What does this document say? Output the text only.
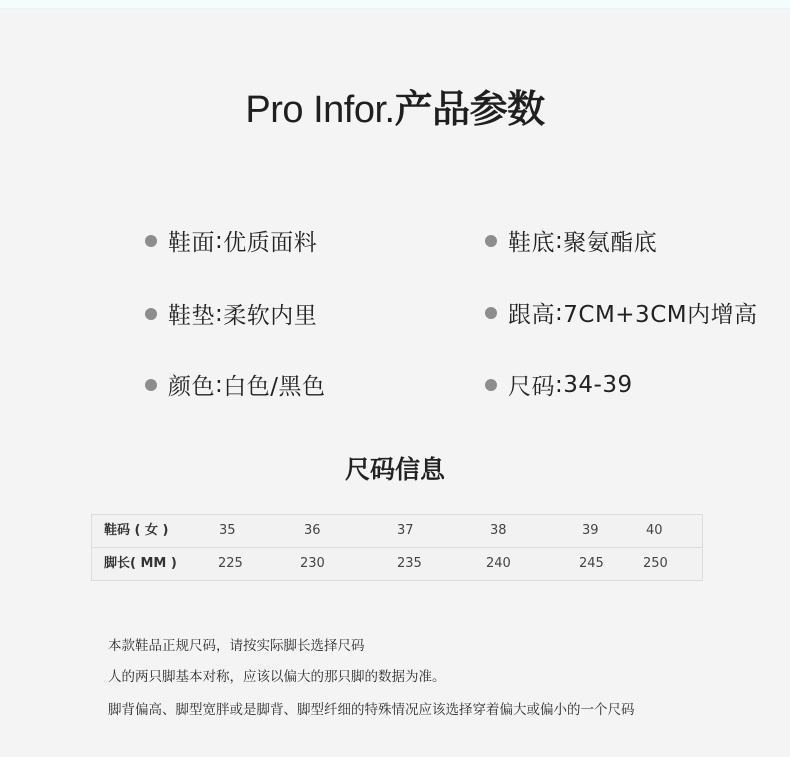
Pro Infor.产品参数
鞋面 : 优质面料
鞋垫 : 柔软内里
颜色 : 白色/黑色
鞋底 : 聚氨酯底
跟高 : 7CM+3CM内增高
尺码 : 34-39
尺码信息
鞋码 ( 女 )	35	36	37	38	39	40
脚长( MM )	225	230	235	240	245	250
本款鞋品正规尺码，请按实际脚长选择尺码
人的两只脚基本对称，应该以偏大的那只脚的数据为准。
脚背偏高、脚型宽胖或是脚背、脚型纤细的特殊情况应该选择穿着偏大或偏小的一个尺码
